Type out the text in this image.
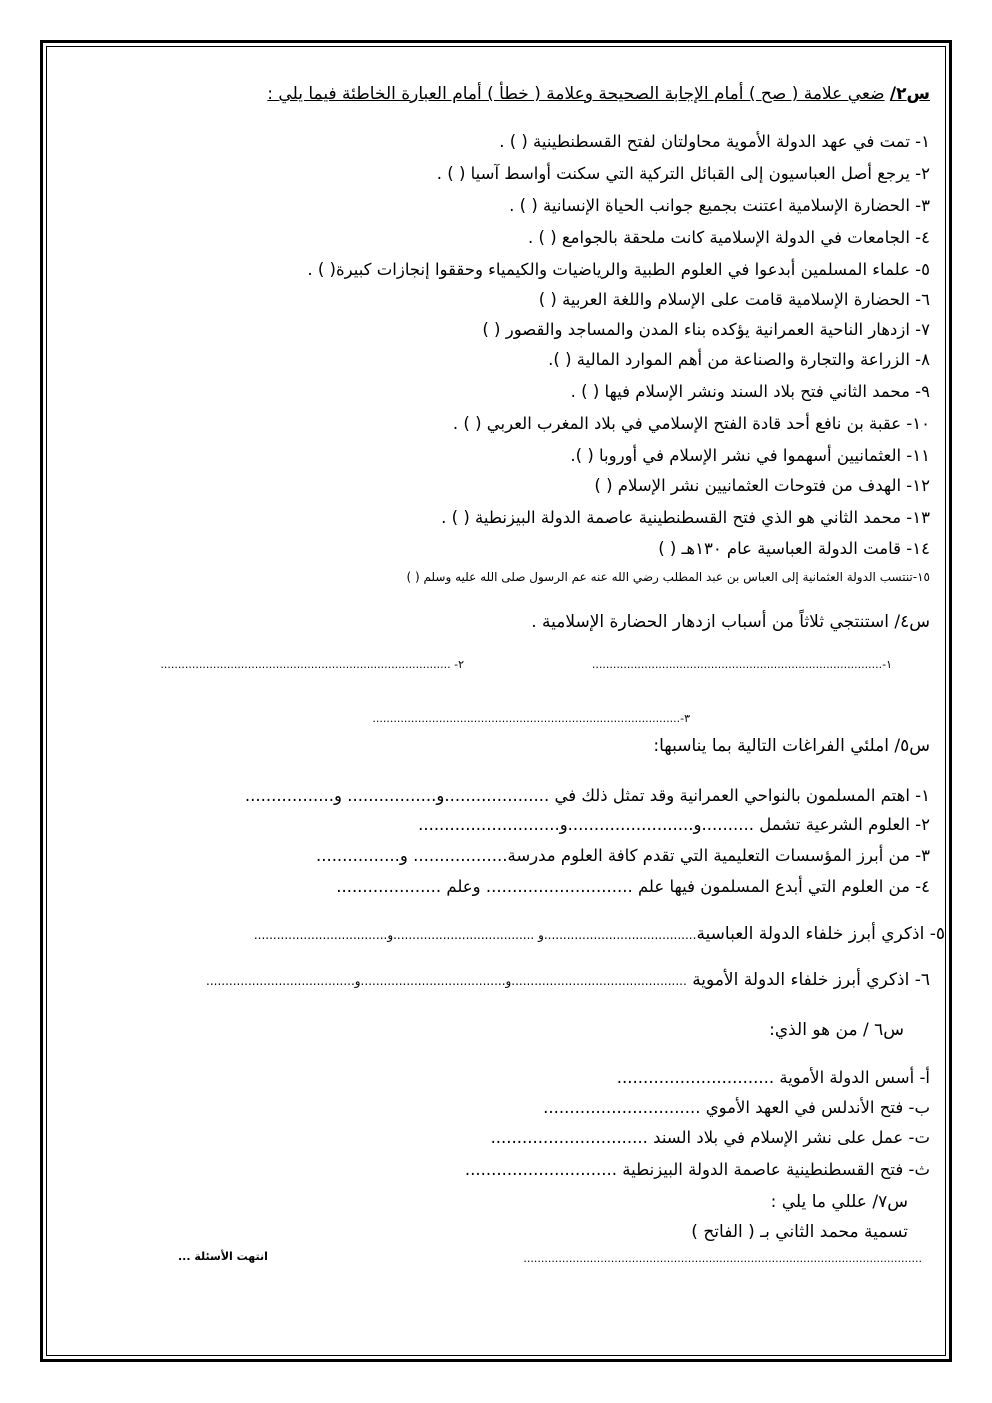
س٢/ ضعي علامة ( صح ) أمام الإجابة الصحيحة وعلامة ( خطأ ) أمام العبارة الخاطئة فيما يلي :
١- تمت في عهد الدولة الأموية محاولتان لفتح القسطنطينية ( ) .
٢- يرجع أصل العباسيون إلى القبائل التركية التي سكنت أواسط آسيا ( ) .
٣- الحضارة الإسلامية اعتنت بجميع جوانب الحياة الإنسانية ( ) .
٤- الجامعات في الدولة الإسلامية كانت ملحقة بالجوامع ( ) .
٥- علماء المسلمين أبدعوا في العلوم الطبية والرياضيات والكيمياء وحققوا إنجازات كبيرة( ) .
٦- الحضارة الإسلامية قامت على الإسلام واللغة العربية ( )
٧- ازدهار الناحية العمرانية يؤكده بناء المدن والمساجد والقصور ( )
٨- الزراعة والتجارة والصناعة من أهم الموارد المالية ( ).
٩- محمد الثاني فتح بلاد السند ونشر الإسلام فيها ( ) .
١٠- عقبة بن نافع أحد قادة الفتح الإسلامي في بلاد المغرب العربي ( ) .
١١- العثمانيين أسهموا في نشر الإسلام في أوروبا ( ).
١٢- الهدف من فتوحات العثمانيين نشر الإسلام ( )
١٣- محمد الثاني هو الذي فتح القسطنطينية عاصمة الدولة البيزنطية ( ) .
١٤- قامت الدولة العباسية عام ١٣٠هـ ( )
١٥-تنتسب الدولة العثمانية إلى العباس بن عبد المطلب رضي الله عنه عم الرسول صلى الله عليه وسلم ( )
س٤/ استنتجي ثلاثاً من أسباب ازدهار الحضارة الإسلامية .
١-...................................................................................
٢- ...................................................................................
٣-........................................................................................
س٥/ املئي الفراغات التالية بما يناسبها:
١- اهتم المسلمون بالنواحي العمرانية وقد تمثل ذلك في ....................و................. و.................
٢- العلوم الشرعية تشمل ..........و........................و...........................
٣- من أبرز المؤسسات التعليمية التي تقدم كافة العلوم مدرسة.................. و................
٤- من العلوم التي أبدع المسلمون فيها علم ............................ وعلم ....................
٥- اذكري أبرز خلفاء الدولة العباسية........................................و .....................................و...................................
٦- اذكري أبرز خلفاء الدولة الأموية ..............................................و......................................و.......................................
س٦ / من هو الذي:
أ- أسس الدولة الأموية ..............................
ب- فتح الأندلس في العهد الأموي ..............................
ت- عمل على نشر الإسلام في بلاد السند ..............................
ث- فتح القسطنطينية عاصمة الدولة البيزنطية .............................
س٧/ عللي ما يلي :
تسمية محمد الثاني بـ ( الفاتح )
..................................................................................................................
انتهت الأسئلة ...
